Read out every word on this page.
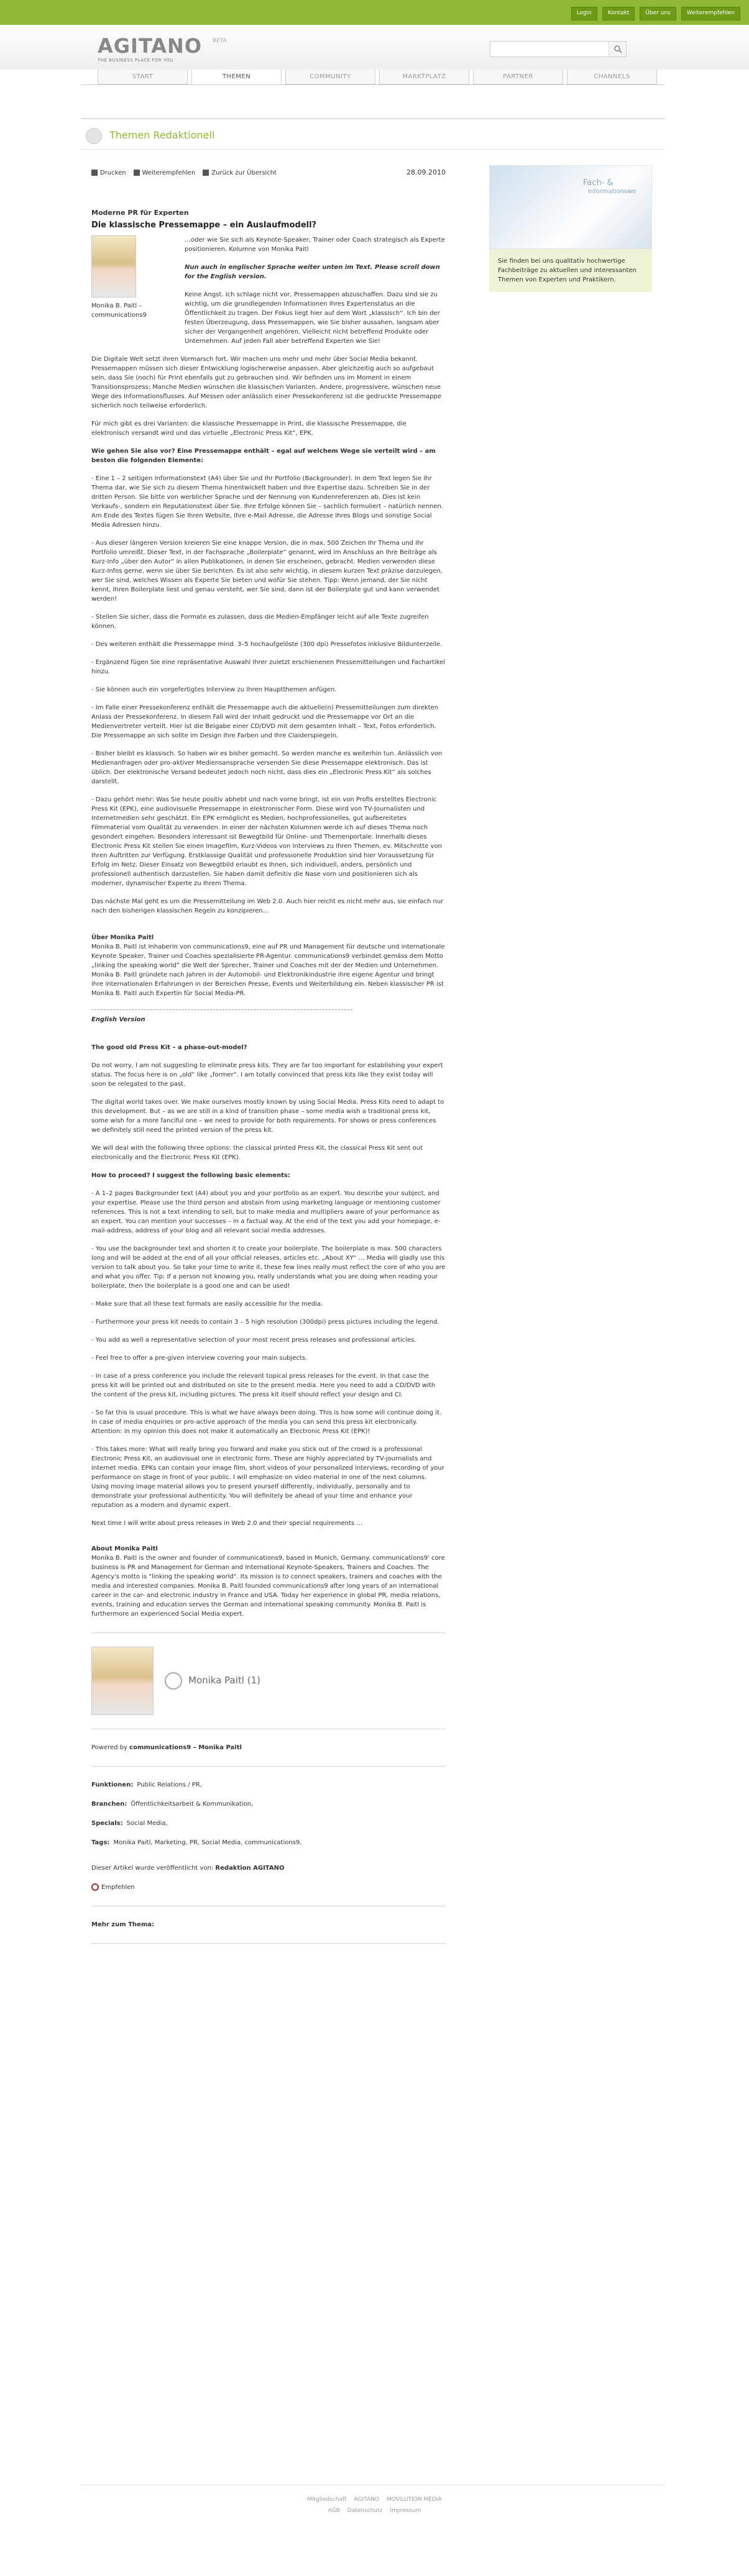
Login	Kontakt	Über uns	Weiterempfehlen
AGITANO BETA
THE BUSINESS PLACE FOR YOU
START	THEMEN	COMMUNITY	MARKTPLATZ	PARTNER	CHANNELS
Themen Redaktionell
Drucken	Weiterempfehlen	Zurück zur Übersicht	28.09.2010
Moderne PR für Experten
Die klassische Pressemappe – ein Auslaufmodell?
Monika B. Paitl –
communications9

…oder wie Sie sich als Keynote-Speaker, Trainer oder Coach strategisch als Experte positionieren. Kolumne von Monika Paitl

Nun auch in englischer Sprache weiter unten im Text. Please scroll down for the English version.

Keine Angst. Ich schlage nicht vor, Pressemappen abzuschaffen. Dazu sind sie zu wichtig, um die grundlegenden Informationen Ihres Expertenstatus an die Öffentlichkeit zu tragen. Der Fokus liegt hier auf dem Wort „klassisch“. Ich bin der festen Überzeugung, dass Pressemappen, wie Sie bisher aussahen, langsam aber sicher der Vergangenheit angehören. Vielleicht nicht betreffend Produkte oder Unternehmen. Auf jeden Fall aber betreffend Experten wie Sie!

Die Digitale Welt setzt ihren Vormarsch fort. Wir machen uns mehr und mehr über Social Media bekannt. Pressemappen müssen sich dieser Entwicklung logischerweise anpassen. Aber gleichzeitig auch so aufgebaut sein, dass Sie (noch) für Print ebenfalls gut zu gebrauchen sind. Wir befinden uns im Moment in einem Transitionsprozess: Manche Medien wünschen die klassischen Varianten. Andere, progressivere, wünschen neue Wege des Informationsflusses. Auf Messen oder anlässlich einer Pressekonferenz ist die gedruckte Pressemappe sicherlich noch teilweise erforderlich.

Für mich gibt es drei Varianten: die klassische Pressemappe in Print, die klassische Pressemappe, die elektronisch versandt wird und das virtuelle „Electronic Press Kit“, EPK.

Wie gehen Sie also vor? Eine Pressemappe enthält – egal auf welchem Wege sie verteilt wird – am besten die folgenden Elemente:

- Eine 1 – 2 seitigen Informationstext (A4) über Sie und Ihr Portfolio (Backgrounder). In dem Text legen Sie Ihr Thema dar, wie Sie sich zu diesem Thema hinentwickelt haben und Ihre Expertise dazu. Schreiben Sie in der dritten Person. Sie bitte von werblicher Sprache und der Nennung von Kundenreferenzen ab. Dies ist kein Verkaufs-, sondern ein Reputationstext über Sie. Ihre Erfolge können Sie – sachlich formuliert – natürlich nennen. Am Ende des Textes fügen Sie Ihren Website, Ihre e-Mail Adresse, die Adresse Ihres Blogs und sonstige Social Media Adressen hinzu.

- Aus dieser längeren Version kreieren Sie eine knappe Version, die in max. 500 Zeichen Ihr Thema und Ihr Portfolio umreißt. Dieser Text, in der Fachsprache „Boilerplate“ genannt, wird im Anschluss an Ihre Beiträge als Kurz-Info „über den Autor“ in allen Publikationen, in denen Sie erscheinen, gebracht. Medien verwenden diese Kurz-Infos gerne, wenn sie über Sie berichten. Es ist also sehr wichtig, in diesem kurzen Text präzise darzulegen, wer Sie sind, welches Wissen als Experte Sie bieten und wofür Sie stehen. Tipp: Wenn jemand, der Sie nicht kennt, Ihren Boilerplate liest und genau versteht, wer Sie sind, dann ist der Boilerplate gut und kann verwendet werden!

- Stellen Sie sicher, dass die Formate es zulassen, dass die Medien-Empfänger leicht auf alle Texte zugreifen können.

- Des weiteren enthält die Pressemappe mind. 3–5 hochaufgelöste (300 dpi) Pressefotos inklusive Bildunterzeile.

- Ergänzend fügen Sie eine repräsentative Auswahl Ihrer zuletzt erschienenen Pressemitteilungen und Fachartikel hinzu.

- Sie können auch ein vorgefertigtes Interview zu Ihren Hauptthemen anfügen.

- Im Falle einer Pressekonferenz enthält die Pressemappe auch die aktuelle(n) Pressemitteilungen zum direkten Anlass der Pressekonferenz. In diesem Fall wird der Inhalt gedruckt und die Pressemappe vor Ort an die Medienvertreter verteilt. Hier ist die Beigabe einer CD/DVD mit dem gesamten Inhalt – Text, Fotos erforderlich. Die Pressemappe an sich sollte im Design Ihre Farben und Ihre Claiderspiegeln.

- Bisher bleibt es klassisch. So haben wir es bisher gemacht. So werden manche es weiterhin tun. Anlässlich von Medienanfragen oder pro-aktiver Mediensansprache versenden Sie diese Pressemappe elektronisch. Das ist üblich. Der elektronische Versand bedeutet jedoch noch nicht, dass dies ein „Electronic Press Kit“ als solches darstellt.

- Dazu gehört mehr: Was Sie heute positiv abhebt und nach vorne bringt, ist ein von Profis erstelltes Electronic Press Kit (EPK), eine audiovisuelle Pressemappe in elektronischer Form. Diese wird von TV-Journalisten und Internetmedien sehr geschätzt. Ein EPK ermöglicht es Medien, hochprofessionelles, gut aufbereitetes Filmmaterial vom Qualität zu verwenden. In einer der nächsten Kolumnen werde ich auf dieses Thema noch gesondert eingehen. Besonders interessant ist Bewegtbild für Online- und Themenportale. Innerhalb dieses Electronic Press Kit stellen Sie einen Imagefilm, Kurz-Videos von Interviews zu Ihren Themen, ev. Mitschnitte von Ihren Auftritten zur Verfügung. Erstklassige Qualität und professionelle Produktion sind hier Voraussetzung für Erfolg im Netz. Dieser Einsatz von Bewegtbild erlaubt es Ihnen, sich individuell, anders, persönlich und professionell authentisch darzustellen. Sie haben damit definitiv die Nase vorn und positionieren sich als moderner, dynamischer Experte zu Ihrem Thema.

Das nächste Mal geht es um die Pressemitteilung im Web 2.0. Auch hier reicht es nicht mehr aus, sie einfach nur nach den bisherigen klassischen Regeln zu konzipieren…

Über Monika Paitl

Monika B. Paitl ist Inhaberin von communications9, eine auf PR und Management für deutsche und internationale Keynote Speaker, Trainer und Coaches spezialisierte PR-Agentur. communications9 verbindet gemäss dem Motto „linking the speaking world“ die Welt der Sprecher, Trainer und Coaches mit der der Medien und Unternehmen. Monika B. Paitl gründete nach Jahren in der Automobil- und Elektronikindustrie ihre eigene Agentur und bringt ihre internationalen Erfahrungen in der Bereichen Presse, Events und Weiterbildung ein. Neben klassischer PR ist Monika B. Paitl auch Expertin für Social Media-PR.

English Version

The good old Press Kit – a phase-out-model?

Do not worry, I am not suggesting to eliminate press kits. They are far too important for establishing your expert status. The focus here is on „old“ like „former“. I am totally convinced that press kits like they exist today will soon be relegated to the past.

The digital world takes over. We make ourselves mostly known by using Social Media. Press Kits need to adapt to this development. But – as we are still in a kind of transition phase – some media wish a traditional press kit, some wish for a more fanciful one – we need to provide for both requirements. For shows or press conferences we definitely still need the printed version of the press kit.

We will deal with the following three options: the classical printed Press Kit, the classical Press Kit sent out electronically and the Electronic Press Kit (EPK).

How to proceed? I suggest the following basic elements:

- A 1–2 pages Backgrounder text (A4) about you and your portfolio as an expert. You describe your subject, and your expertise. Please use the third person and abstain from using marketing language or mentioning customer references. This is not a text intending to sell, but to make media and multipliers aware of your performance as an expert. You can mention your successes – in a factual way. At the end of the text you add your homepage, e-mail-address, address of your blog and all relevant social media addresses.

- You use the backgrounder text and shorten it to create your boilerplate. The boilerplate is max. 500 characters long and will be added at the end of all your official releases, articles etc. „About XY“ … Media will gladly use this version to talk about you. So take your time to write it, these few lines really must reflect the core of who you are and what you offer. Tip: If a person not knowing you, really understands what you are doing when reading your boilerplate, then the boilerplate is a good one and can be used!

- Make sure that all these text formats are easily accessible for the media.

- Furthermore your press kit needs to contain 3 – 5 high resolution (300dpi) press pictures including the legend.

- You add as well a representative selection of your most recent press releases and professional articles.

- Feel free to offer a pre-given interview covering your main subjects.

- In case of a press conference you include the relevant topical press releases for the event. In that case the press kit will be printed out and distributed on site to the present media. Here you need to add a CD/DVD with the content of the press kit, including pictures. The press kit itself should reflect your design and CI.

- So far this is usual procedure. This is what we have always been doing. This is how some will continue doing it. In case of media enquiries or pro-active approach of the media you can send this press kit electronically. Attention: in my opinion this does not make it automatically an Electronic Press Kit (EPK)!

- This takes more: What will really bring you forward and make you stick out of the crowd is a professional Electronic Press Kit, an audiovisual one in electronic form. These are highly appreciated by TV-journalists and internet media. EPKs can contain your image film, short videos of your personalized interviews, recording of your performance on stage in front of your public. I will emphasize on video material in one of the next columns. Using moving image material allows you to present yourself differently, individually, personally and to demonstrate your professional authenticity. You will definitely be ahead of your time and enhance your reputation as a modern and dynamic expert.

Next time I will write about press releases in Web 2.0 and their special requirements …

About Monika Paitl

Monika B. Paitl is the owner and founder of communications9, based in Munich, Germany. communications9' core business is PR and Management for German and International Keynote-Speakers, Trainers and Coaches. The Agency's motto is "linking the speaking world". Its mission is to connect speakers, trainers and coaches with the media and interested companies. Monika B. Paitl founded communications9 after long years of an international career in the car- and electronic industry in France and USA. Today her experience in global PR, media relations, events, training and education serves the German and international speaking community. Monika B. Paitl is furthermore an experienced Social Media expert.

Monika Paitl (1)
Powered by communications9 – Monika Paitl
Funktionen: Public Relations / PR,
Branchen: Öffentlichkeitsarbeit & Kommunikation,
Specials: Social Media,
Tags: Monika Paitl, Marketing, PR, Social Media, communications9,
Dieser Artikel wurde veröffentlicht von: Redaktion AGITANO
Empfehlen

Mehr zum Thema:

Fach- &
Informationswe
Sie finden bei uns qualitativ hochwertige Fachbeiträge zu aktuellen und interessanten Themen von Experten und Praktikern.
Mitgliedschaft AGITANO MOVILUTION MEDIA
AGB Datenschutz Impressum
